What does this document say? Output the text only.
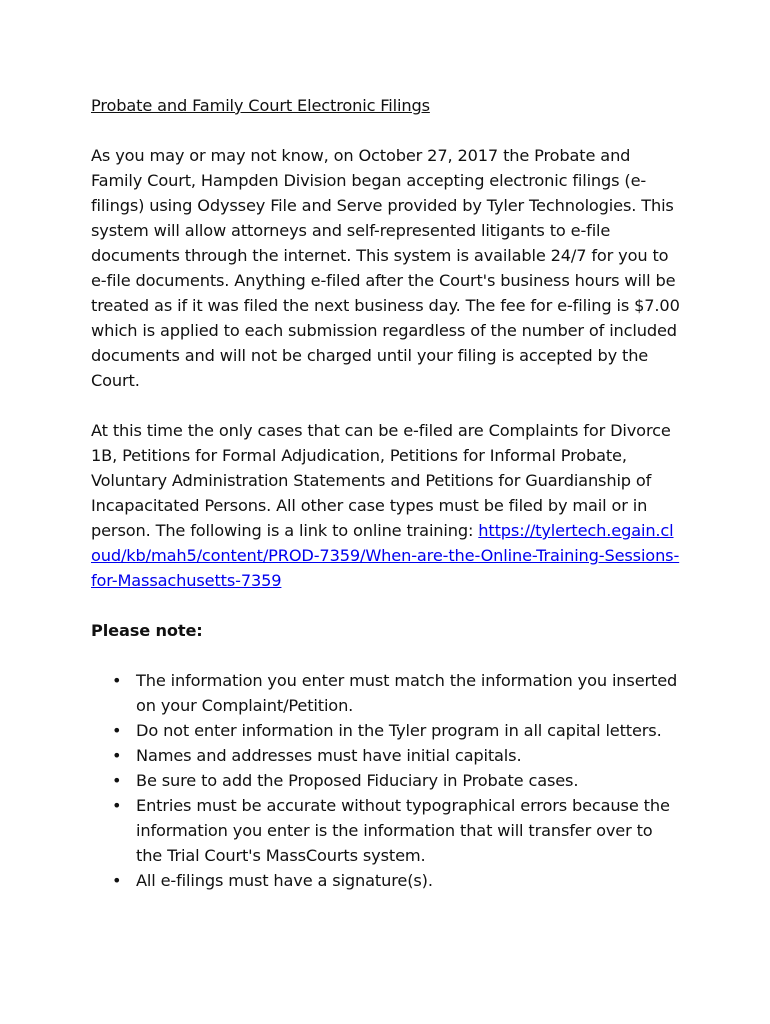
Probate and Family Court Electronic Filings

As you may or may not know, on October 27, 2017 the Probate and Family Court, Hampden Division began accepting electronic filings (e-filings) using Odyssey File and Serve provided by Tyler Technologies. This system will allow attorneys and self-represented litigants to e-file documents through the internet. This system is available 24/7 for you to e-file documents. Anything e-filed after the Court's business hours will be treated as if it was filed the next business day. The fee for e-filing is $7.00 which is applied to each submission regardless of the number of included documents and will not be charged until your filing is accepted by the Court.

At this time the only cases that can be e-filed are Complaints for Divorce 1B, Petitions for Formal Adjudication, Petitions for Informal Probate, Voluntary Administration Statements and Petitions for Guardianship of Incapacitated Persons. All other case types must be filed by mail or in person. The following is a link to online training: https://tylertech.egain.cloud/kb/mah5/content/PROD-7359/When-are-the-Online-Training-Sessions-for-Massachusetts-7359

Please note:
• The information you enter must match the information you inserted on your Complaint/Petition.
• Do not enter information in the Tyler program in all capital letters.
• Names and addresses must have initial capitals.
• Be sure to add the Proposed Fiduciary in Probate cases.
• Entries must be accurate without typographical errors because the information you enter is the information that will transfer over to the Trial Court's MassCourts system.
• All e-filings must have a signature(s).
